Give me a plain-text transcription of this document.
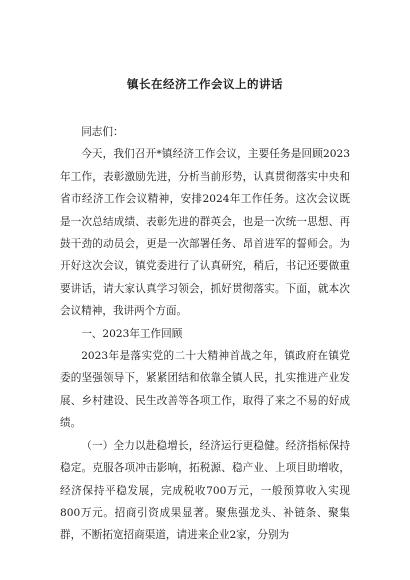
镇长在经济工作会议上的讲话

同志们：

今天，我们召开*镇经济工作会议，主要任务是回顾2023年工作，表彰激励先进，分析当前形势，认真贯彻落实中央和省市经济工作会议精神，安排2024年工作任务。这次会议既是一次总结成绩、表彰先进的群英会，也是一次统一思想、再鼓干劲的动员会，更是一次部署任务、昂首进军的誓师会。为开好这次会议，镇党委进行了认真研究，稍后，书记还要做重要讲话，请大家认真学习领会，抓好贯彻落实。下面，就本次会议精神，我讲两个方面。

一、2023年工作回顾

2023年是落实党的二十大精神首战之年，镇政府在镇党委的坚强领导下，紧紧团结和依靠全镇人民，扎实推进产业发展、乡村建设、民生改善等各项工作，取得了来之不易的好成绩。

（一）全力以赴稳增长，经济运行更稳健。经济指标保持稳定。克服各项冲击影响，拓税源、稳产业、上项目助增收，经济保持平稳发展，完成税收700万元，一般预算收入实现800万元。招商引资成果显著。聚焦强龙头、补链条、聚集群，不断拓宽招商渠道，请进来企业2家，分别为
